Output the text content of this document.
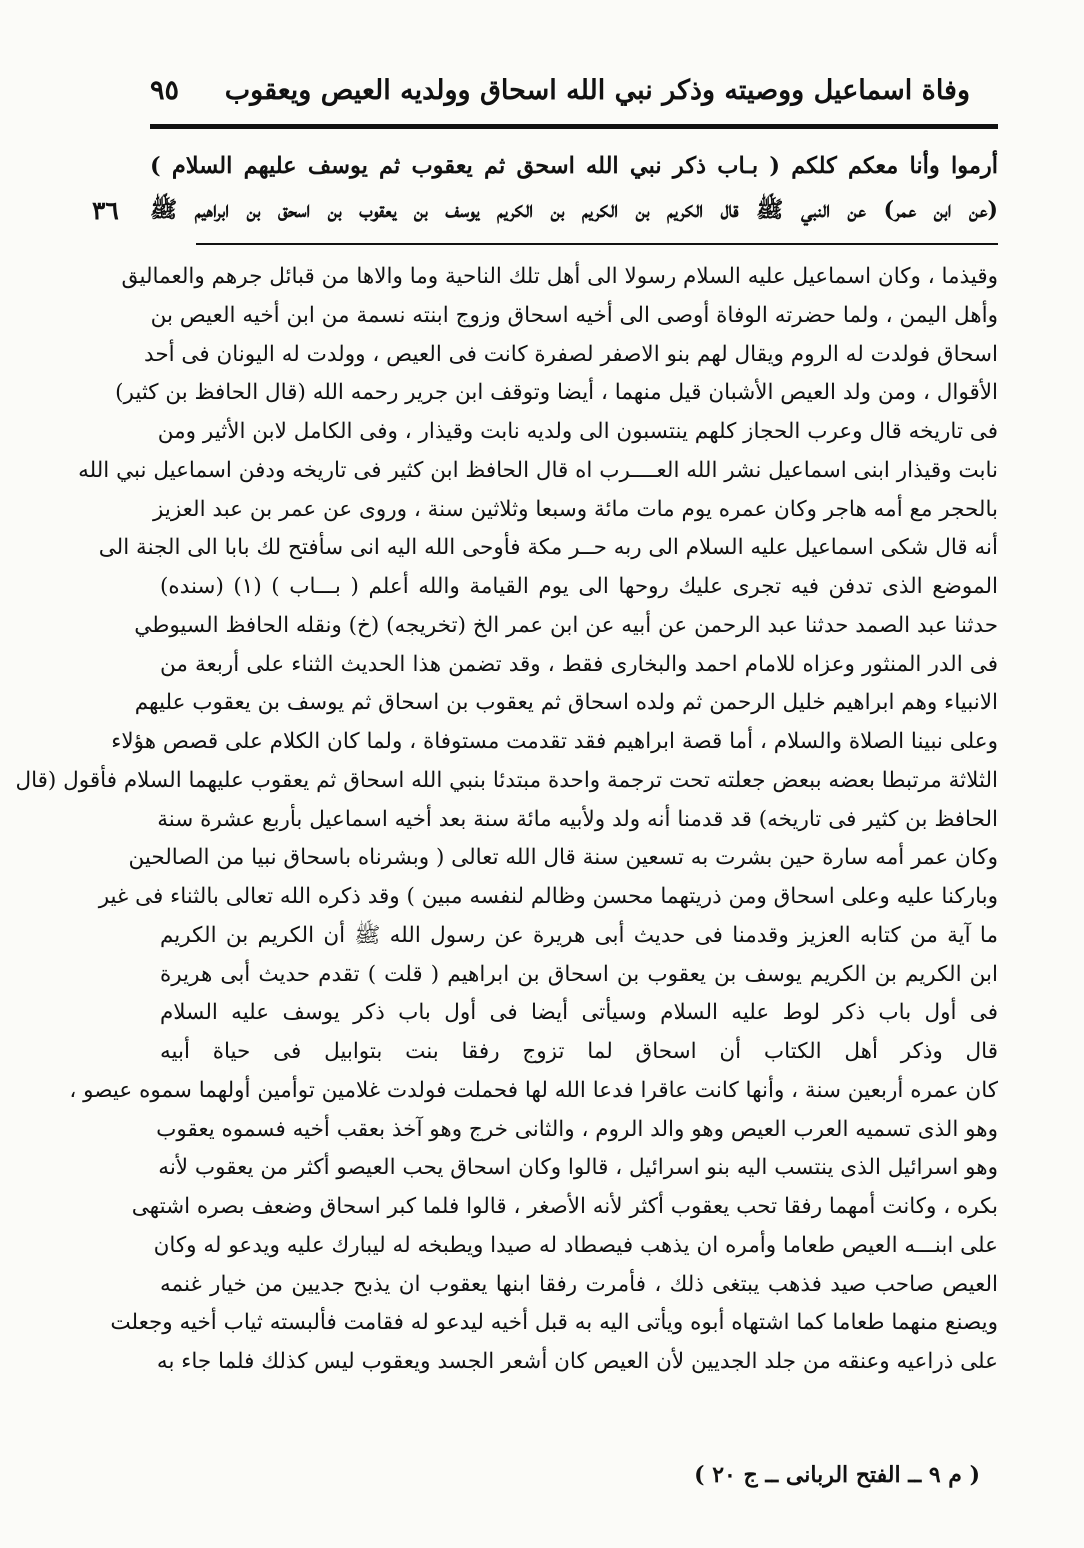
وفاة اسماعيل ووصيته وذكر نبي الله اسحاق وولديه العيص ويعقوب
٩٥
أرموا وأنا معكم كلكم ( بـاب ذكر نبي الله اسحق ثم يعقوب ثم يوسف عليهم السلام )
(عن ابن عمر) عن النبي ﷺ قال الكريم بن الكريم بن الكريم يوسف بن يعقوب بن اسحق بن ابراهيم ﷺ
٣٦
وقيذما ، وكان اسماعيل عليه السلام رسولا الى أهل تلك الناحية وما والاها من قبائل جرهم والعماليق
وأهل اليمن ، ولما حضرته الوفاة أوصى الى أخيه اسحاق وزوج ابنته نسمة من ابن أخيه العيص بن
اسحاق فولدت له الروم ويقال لهم بنو الاصفر لصفرة كانت فى العيص ، وولدت له اليونان فى أحد
الأقوال ، ومن ولد العيص الأشبان قيل منهما ، أيضا وتوقف ابن جرير رحمه الله (قال الحافظ بن كثير)
فى تاريخه قال وعرب الحجاز كلهم ينتسبون الى ولديه نابت وقيذار ، وفى الكامل لابن الأثير ومن
نابت وقيذار ابنى اسماعيل نشر الله العــــرب اه قال الحافظ ابن كثير فى تاريخه ودفن اسماعيل نبي الله
بالحجر مع أمه هاجر وكان عمره يوم مات مائة وسبعا وثلاثين سنة ، وروى عن عمر بن عبد العزيز
أنه قال شكى اسماعيل عليه السلام الى ربه حــر مكة فأوحى الله اليه انى سأفتح لك بابا الى الجنة الى
الموضع الذى تدفن فيه تجرى عليك روحها الى يوم القيامة والله أعلم ( بـــاب ) (١) (سنده)
حدثنا عبد الصمد حدثنا عبد الرحمن عن أبيه عن ابن عمر الخ (تخريجه) (خ) ونقله الحافظ السيوطي
فى الدر المنثور وعزاه للامام احمد والبخارى فقط ، وقد تضمن هذا الحديث الثناء على أربعة من
الانبياء وهم ابراهيم خليل الرحمن ثم ولده اسحاق ثم يعقوب بن اسحاق ثم يوسف بن يعقوب عليهم
وعلى نبينا الصلاة والسلام ، أما قصة ابراهيم فقد تقدمت مستوفاة ، ولما كان الكلام على قصص هؤلاء
الثلاثة مرتبطا بعضه ببعض جعلته تحت ترجمة واحدة مبتدئا بنبي الله اسحاق ثم يعقوب عليهما السلام فأقول (قال
الحافظ بن كثير فى تاريخه) قد قدمنا أنه ولد ولأبيه مائة سنة بعد أخيه اسماعيل بأربع عشرة سنة
وكان عمر أمه سارة حين بشرت به تسعين سنة قال الله تعالى ( وبشرناه باسحاق نبيا من الصالحين
وباركنا عليه وعلى اسحاق ومن ذريتهما محسن وظالم لنفسه مبين ) وقد ذكره الله تعالى بالثناء فى غير
ما آية من كتابه العزيز وقدمنا فى حديث أبى هريرة عن رسول الله ﷺ أن الكريم بن الكريم
ابن الكريم بن الكريم يوسف بن يعقوب بن اسحاق بن ابراهيم ( قلت ) تقدم حديث أبى هريرة
فى أول باب ذكر لوط عليه السلام وسيأتى أيضا فى أول باب ذكر يوسف عليه السلام
قال وذكر أهل الكتاب أن اسحاق لما تزوج رفقا بنت بتوابيل فى حياة أبيه
كان عمره أربعين سنة ، وأنها كانت عاقرا فدعا الله لها فحملت فولدت غلامين توأمين أولهما سموه عيصو ،
وهو الذى تسميه العرب العيص وهو والد الروم ، والثانى خرج وهو آخذ بعقب أخيه فسموه يعقوب
وهو اسرائيل الذى ينتسب اليه بنو اسرائيل ، قالوا وكان اسحاق يحب العيصو أكثر من يعقوب لأنه
بكره ، وكانت أمهما رفقا تحب يعقوب أكثر لأنه الأصغر ، قالوا فلما كبر اسحاق وضعف بصره اشتهى
على ابنـــه العيص طعاما وأمره ان يذهب فيصطاد له صيدا ويطبخه له ليبارك عليه ويدعو له وكان
العيص صاحب صيد فذهب يبتغى ذلك ، فأمرت رفقا ابنها يعقوب ان يذبح جديين من خيار غنمه
ويصنع منهما طعاما كما اشتهاه أبوه ويأتى اليه به قبل أخيه ليدعو له فقامت فألبسته ثياب أخيه وجعلت
على ذراعيه وعنقه من جلد الجديين لأن العيص كان أشعر الجسد ويعقوب ليس كذلك فلما جاء به
( م ٩ ــ الفتح الربانى ــ ج ٢٠ )
